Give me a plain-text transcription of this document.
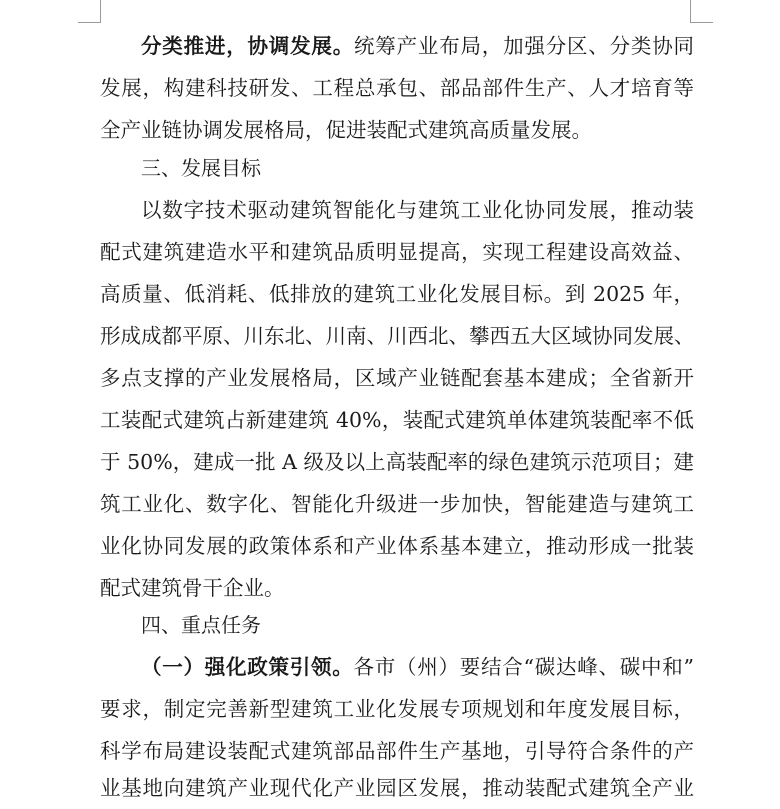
分类推进，协调发展。统筹产业布局，加强分区、分类协同
发展，构建科技研发、工程总承包、部品部件生产、人才培育等
全产业链协调发展格局，促进装配式建筑高质量发展。
三、发展目标
以数字技术驱动建筑智能化与建筑工业化协同发展，推动装
配式建筑建造水平和建筑品质明显提高，实现工程建设高效益、
高质量、低消耗、低排放的建筑工业化发展目标。到 2025 年，
形成成都平原、川东北、川南、川西北、攀西五大区域协同发展、
多点支撑的产业发展格局，区域产业链配套基本建成；全省新开
工装配式建筑占新建建筑 40%，装配式建筑单体建筑装配率不低
于 50%，建成一批 A 级及以上高装配率的绿色建筑示范项目；建
筑工业化、数字化、智能化升级进一步加快，智能建造与建筑工
业化协同发展的政策体系和产业体系基本建立，推动形成一批装
配式建筑骨干企业。
四、重点任务
（一）强化政策引领。各市（州）要结合“碳达峰、碳中和”
要求，制定完善新型建筑工业化发展专项规划和年度发展目标，
科学布局建设装配式建筑部品部件生产基地，引导符合条件的产
业基地向建筑产业现代化产业园区发展，推动装配式建筑全产业
